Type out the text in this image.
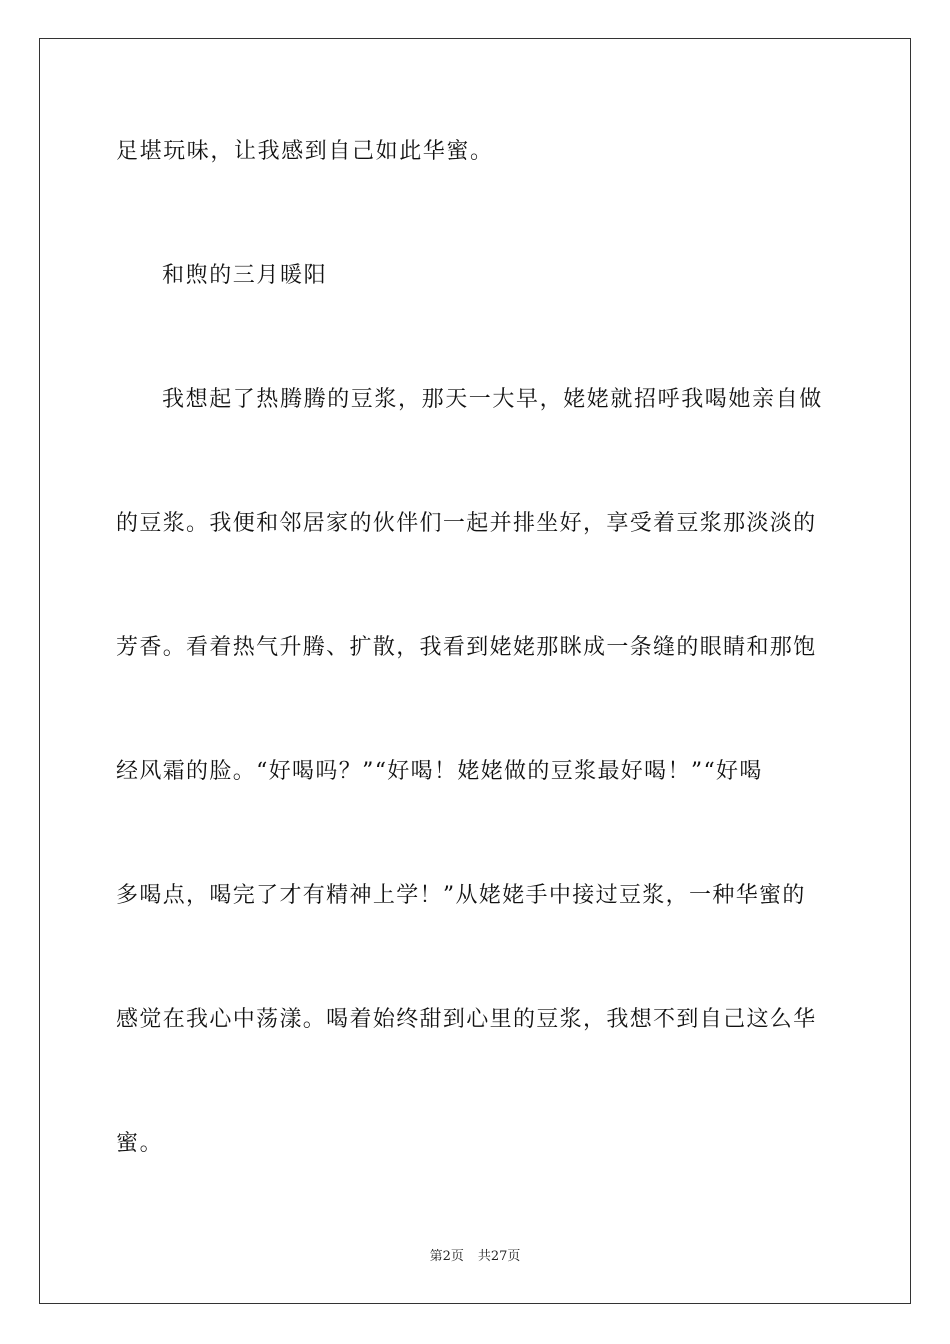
足堪玩味，让我感到自己如此华蜜。
和煦的三月暖阳
我想起了热腾腾的豆浆，那天一大早，姥姥就招呼我喝她亲自做
的豆浆。我便和邻居家的伙伴们一起并排坐好，享受着豆浆那淡淡的
芳香。看着热气升腾、扩散，我看到姥姥那眯成一条缝的眼睛和那饱
经风霜的脸。“好喝吗？”“好喝！姥姥做的豆浆最好喝！”“好喝
多喝点，喝完了才有精神上学！”从姥姥手中接过豆浆，一种华蜜的
感觉在我心中荡漾。喝着始终甜到心里的豆浆，我想不到自己这么华
蜜。
第2页 共27页
